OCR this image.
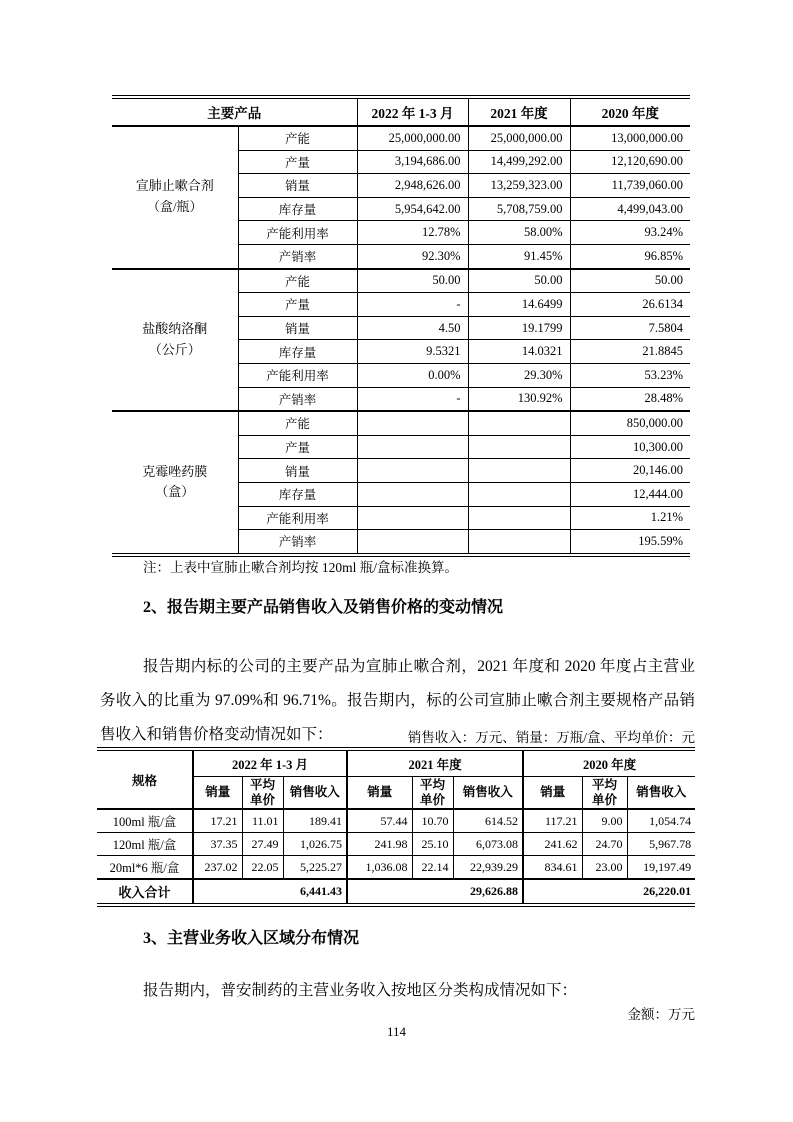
主要产品		2022 年 1-3 月	2021 年度	2020 年度

宣肺止嗽合剂
（盒/瓶）	产能	25,000,000.00	25,000,000.00	13,000,000.00
	产量	3,194,686.00	14,499,292.00	12,120,690.00
	销量	2,948,626.00	13,259,323.00	11,739,060.00
	库存量	5,954,642.00	5,708,759.00	4,499,043.00
	产能利用率	12.78%	58.00%	93.24%
	产销率	92.30%	91.45%	96.85%

盐酸纳洛酮
（公斤）	产能	50.00	50.00	50.00
	产量	-	14.6499	26.6134
	销量	4.50	19.1799	7.5804
	库存量	9.5321	14.0321	21.8845
	产能利用率	0.00%	29.30%	53.23%
	产销率	-	130.92%	28.48%

克霉唑药膜
（盒）	产能			850,000.00
	产量			10,300.00
	销量			20,146.00
	库存量			12,444.00
	产能利用率			1.21%
	产销率			195.59%
注：上表中宣肺止嗽合剂均按 120ml 瓶/盒标准换算。
2、报告期主要产品销售收入及销售价格的变动情况

报告期内标的公司的主要产品为宣肺止嗽合剂，2021 年度和 2020 年度占主营业务收入的比重为 97.09%和 96.71%。报告期内，标的公司宣肺止嗽合剂主要规格产品销售收入和销售价格变动情况如下：	销售收入：万元、销量：万瓶/盒、平均单价：元
规格	2022 年 1-3 月			2021 年度			2020 年度		
	销量	平均单价	销售收入	销量	平均单价	销售收入	销量	平均单价	销售收入
100ml 瓶/盒	17.21	11.01	189.41	57.44	10.70	614.52	117.21	9.00	1,054.74
120ml 瓶/盒	37.35	27.49	1,026.75	241.98	25.10	6,073.08	241.62	24.70	5,967.78
20ml*6 瓶/盒	237.02	22.05	5,225.27	1,036.08	22.14	22,939.29	834.61	23.00	19,197.49
收入合计	6,441.43			29,626.88			26,220.01		
3、主营业务收入区域分布情况

报告期内，普安制药的主营业务收入按地区分类构成情况如下：

金额：万元
114
